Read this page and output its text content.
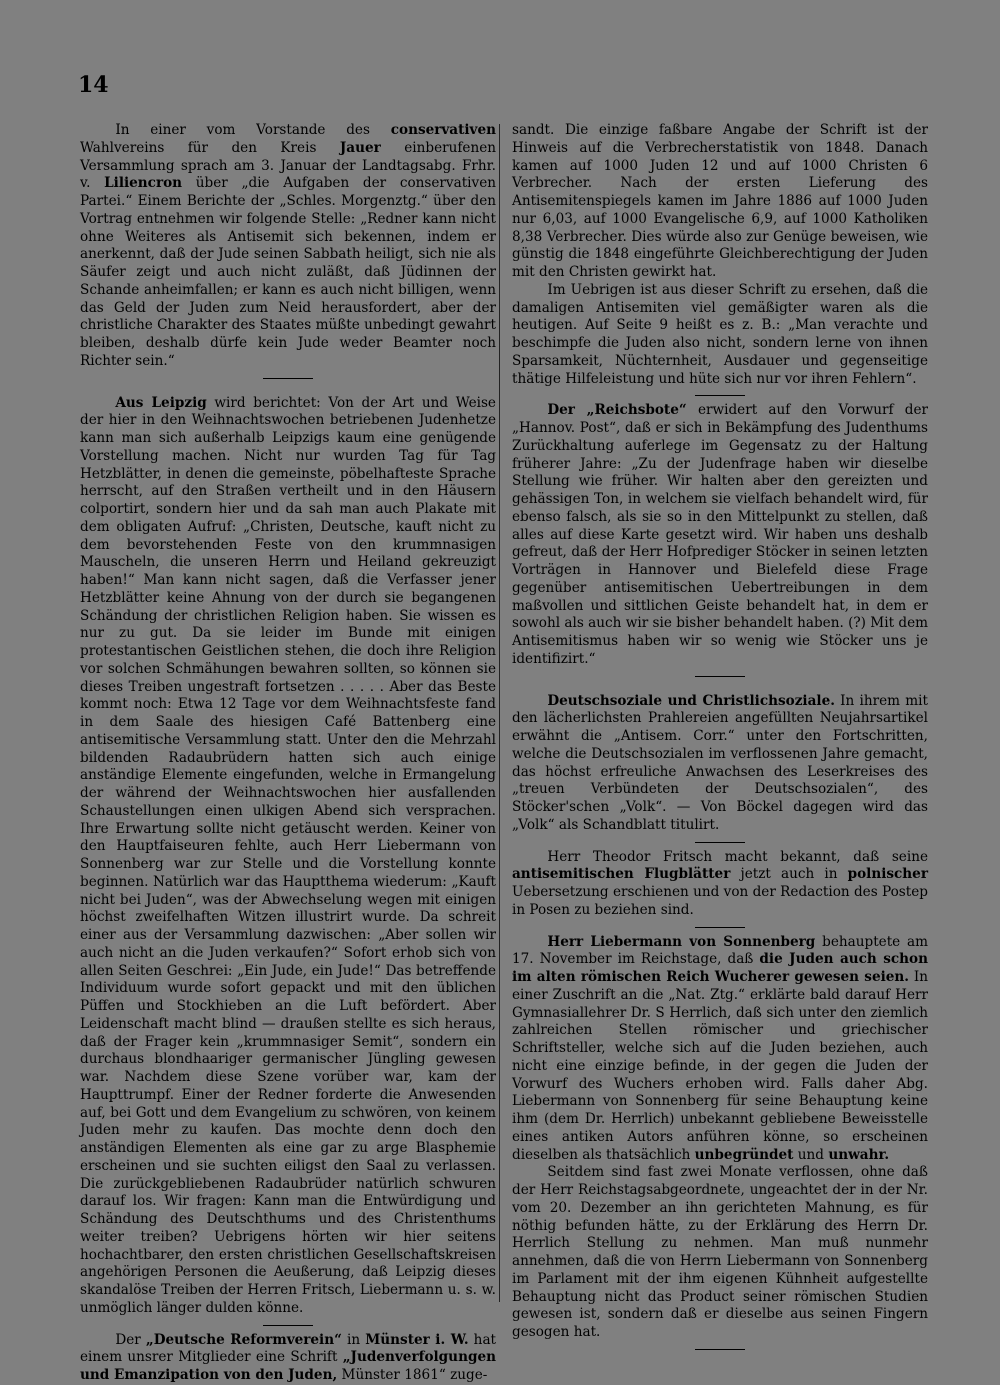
14

In einer vom Vorstande des conservativen Wahlvereins für den Kreis Jauer einberufenen Versammlung sprach am 3. Januar der Landtagsabg. Frhr. v. Liliencron über „die Aufgaben der conservativen Partei.“ Einem Berichte der „Schles. Morgenztg.“ über den Vortrag entnehmen wir folgende Stelle: „Redner kann nicht ohne Weiteres als Antisemit sich bekennen, indem er anerkennt, daß der Jude seinen Sabbath heiligt, sich nie als Säufer zeigt und auch nicht zuläßt, daß Jüdinnen der Schande anheimfallen; er kann es auch nicht billigen, wenn das Geld der Juden zum Neid herausfordert, aber der christliche Charakter des Staates müßte unbedingt gewahrt bleiben, deshalb dürfe kein Jude weder Beamter noch Richter sein.“

Aus Leipzig wird berichtet: Von der Art und Weise der hier in den Weihnachtswochen betriebenen Judenhetze kann man sich außerhalb Leipzigs kaum eine genügende Vorstellung machen. Nicht nur wurden Tag für Tag Hetzblätter, in denen die gemeinste, pöbelhafteste Sprache herrscht, auf den Straßen vertheilt und in den Häusern colportirt, sondern hier und da sah man auch Plakate mit dem obligaten Aufruf: „Christen, Deutsche, kauft nicht zu dem bevorstehenden Feste von den krummnasigen Mauscheln, die unseren Herrn und Heiland gekreuzigt haben!“ Man kann nicht sagen, daß die Verfasser jener Hetzblätter keine Ahnung von der durch sie begangenen Schändung der christlichen Religion haben. Sie wissen es nur zu gut. Da sie leider im Bunde mit einigen protestantischen Geistlichen stehen, die doch ihre Religion vor solchen Schmähungen bewahren sollten, so können sie dieses Treiben ungestraft fortsetzen . . . . . Aber das Beste kommt noch: Etwa 12 Tage vor dem Weihnachtsfeste fand in dem Saale des hiesigen Café Battenberg eine antisemitische Versammlung statt. Unter den die Mehrzahl bildenden Radaubrüdern hatten sich auch einige anständige Elemente eingefunden, welche in Ermangelung der während der Weihnachtswochen hier ausfallenden Schaustellungen einen ulkigen Abend sich versprachen. Ihre Erwartung sollte nicht getäuscht werden. Keiner von den Hauptfaiseuren fehlte, auch Herr Liebermann von Sonnenberg war zur Stelle und die Vorstellung konnte beginnen. Natürlich war das Hauptthema wiederum: „Kauft nicht bei Juden“, was der Abwechselung wegen mit einigen höchst zweifelhaften Witzen illustrirt wurde. Da schreit einer aus der Versammlung dazwischen: „Aber sollen wir auch nicht an die Juden verkaufen?“ Sofort erhob sich von allen Seiten Geschrei: „Ein Jude, ein Jude!“ Das betreffende Individuum wurde sofort gepackt und mit den üblichen Püffen und Stockhieben an die Luft befördert. Aber Leidenschaft macht blind — draußen stellte es sich heraus, daß der Frager kein „krummnasiger Semit“, sondern ein durchaus blondhaariger germanischer Jüngling gewesen war. Nachdem diese Szene vorüber war, kam der Haupttrumpf. Einer der Redner forderte die Anwesenden auf, bei Gott und dem Evangelium zu schwören, von keinem Juden mehr zu kaufen. Das mochte denn doch den anständigen Elementen als eine gar zu arge Blasphemie erscheinen und sie suchten eiligst den Saal zu verlassen. Die zurückgebliebenen Radaubrüder natürlich schwuren darauf los. Wir fragen: Kann man die Entwürdigung und Schändung des Deutschthums und des Christenthums weiter treiben? Uebrigens hörten wir hier seitens hochachtbarer, den ersten christlichen Gesellschaftskreisen angehörigen Personen die Aeußerung, daß Leipzig dieses skandalöse Treiben der Herren Fritsch, Liebermann u. s. w. unmöglich länger dulden könne.

Der „Deutsche Reformverein“ in Münster i. W. hat einem unsrer Mitglieder eine Schrift „Judenverfolgungen und Emanzipation von den Juden, Münster 1861“ zuge-

sandt. Die einzige faßbare Angabe der Schrift ist der Hinweis auf die Verbrecherstatistik von 1848. Danach kamen auf 1000 Juden 12 und auf 1000 Christen 6 Verbrecher. Nach der ersten Lieferung des Antisemitenspiegels kamen im Jahre 1886 auf 1000 Juden nur 6,03, auf 1000 Evangelische 6,9, auf 1000 Katholiken 8,38 Verbrecher. Dies würde also zur Genüge beweisen, wie günstig die 1848 eingeführte Gleichberechtigung der Juden mit den Christen gewirkt hat.

Im Uebrigen ist aus dieser Schrift zu ersehen, daß die damaligen Antisemiten viel gemäßigter waren als die heutigen. Auf Seite 9 heißt es z. B.: „Man verachte und beschimpfe die Juden also nicht, sondern lerne von ihnen Sparsamkeit, Nüchternheit, Ausdauer und gegenseitige thätige Hilfeleistung und hüte sich nur vor ihren Fehlern“.

Der „Reichsbote“ erwidert auf den Vorwurf der „Hannov. Post“, daß er sich in Bekämpfung des Judenthums Zurückhaltung auferlege im Gegensatz zu der Haltung früherer Jahre: „Zu der Judenfrage haben wir dieselbe Stellung wie früher. Wir halten aber den gereizten und gehässigen Ton, in welchem sie vielfach behandelt wird, für ebenso falsch, als sie so in den Mittelpunkt zu stellen, daß alles auf diese Karte gesetzt wird. Wir haben uns deshalb gefreut, daß der Herr Hofprediger Stöcker in seinen letzten Vorträgen in Hannover und Bielefeld diese Frage gegenüber antisemitischen Uebertreibungen in dem maßvollen und sittlichen Geiste behandelt hat, in dem er sowohl als auch wir sie bisher behandelt haben. (?) Mit dem Antisemitismus haben wir so wenig wie Stöcker uns je identifizirt.“

Deutschsoziale und Christlichsoziale. In ihrem mit den lächerlichsten Prahlereien angefüllten Neujahrsartikel erwähnt die „Antisem. Corr.“ unter den Fortschritten, welche die Deutschsozialen im verflossenen Jahre gemacht, das höchst erfreuliche Anwachsen des Leserkreises des „treuen Verbündeten der Deutschsozialen“, des Stöcker'schen „Volk“. — Von Böckel dagegen wird das „Volk“ als Schandblatt titulirt.

Herr Theodor Fritsch macht bekannt, daß seine antisemitischen Flugblätter jetzt auch in polnischer Uebersetzung erschienen und von der Redaction des Postep in Posen zu beziehen sind.

Herr Liebermann von Sonnenberg behauptete am 17. November im Reichstage, daß die Juden auch schon im alten römischen Reich Wucherer gewesen seien. In einer Zuschrift an die „Nat. Ztg.“ erklärte bald darauf Herr Gymnasiallehrer Dr. S Herrlich, daß sich unter den ziemlich zahlreichen Stellen römischer und griechischer Schriftsteller, welche sich auf die Juden beziehen, auch nicht eine einzige befinde, in der gegen die Juden der Vorwurf des Wuchers erhoben wird. Falls daher Abg. Liebermann von Sonnenberg für seine Behauptung keine ihm (dem Dr. Herrlich) unbekannt gebliebene Beweisstelle eines antiken Autors anführen könne, so erscheinen dieselben als thatsächlich unbegründet und unwahr.

Seitdem sind fast zwei Monate verflossen, ohne daß der Herr Reichstagsabgeordnete, ungeachtet der in der Nr. vom 20. Dezember an ihn gerichteten Mahnung, es für nöthig befunden hätte, zu der Erklärung des Herrn Dr. Herrlich Stellung zu nehmen. Man muß nunmehr annehmen, daß die von Herrn Liebermann von Sonnenberg im Parlament mit der ihm eigenen Kühnheit aufgestellte Behauptung nicht das Product seiner römischen Studien gewesen ist, sondern daß er dieselbe aus seinen Fingern gesogen hat.
